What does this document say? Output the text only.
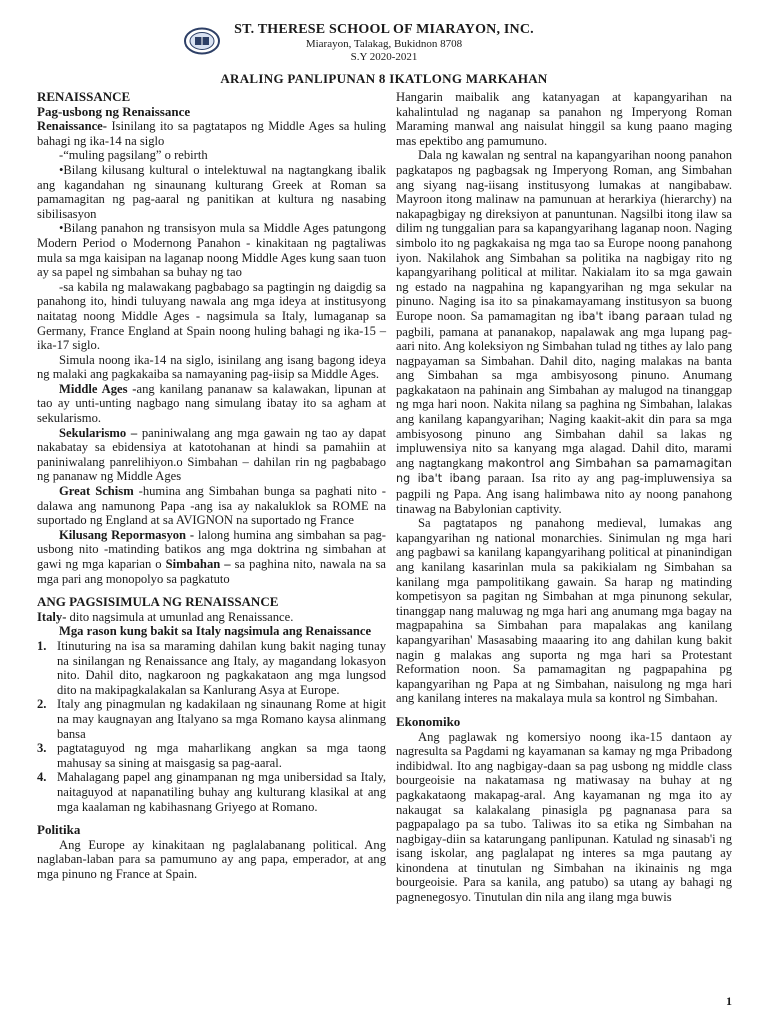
ST. THERESE SCHOOL OF MIARAYON, INC.
Miarayon, Talakag, Bukidnon 8708
S.Y 2020-2021
ARALING PANLIPUNAN 8 IKATLONG MARKAHAN

RENAISSANCE

Pag-usbong ng Renaissance

Renaissance- Isinilang ito sa pagtatapos ng Middle Ages sa huling bahagi ng ika-14 na siglo

-“muling pagsilang” o rebirth

•Bilang kilusang kultural o intelektuwal na nagtangkang ibalik ang kagandahan ng sinaunang kulturang Greek at Roman sa pamamagitan ng pag-aaral ng panitikan at kultura ng nasabing sibilisasyon

•Bilang panahon ng transisyon mula sa Middle Ages patungong Modern Period o Modernong Panahon - kinakitaan ng pagtaliwas mula sa mga kaisipan na laganap noong Middle Ages kung saan tuon ay sa papel ng simbahan sa buhay ng tao

-sa kabila ng malawakang pagbabago sa pagtingin ng daigdig sa panahong ito, hindi tuluyang nawala ang mga ideya at institusyong naitatag noong Middle Ages - nagsimula sa Italy, lumaganap sa Germany, France England at Spain noong huling bahagi ng ika-15 – ika-17 siglo.

Simula noong ika-14 na siglo, isinilang ang isang bagong ideya ng malaki ang pagkakaiba sa namayaning pag-iisip sa Middle Ages.

Middle Ages -ang kanilang pananaw sa kalawakan, lipunan at tao ay unti-unting nagbago nang simulang ibatay ito sa agham at sekularismo.

Sekularismo – paniniwalang ang mga gawain ng tao ay dapat nakabatay sa ebidensiya at katotohanan at hindi sa pamahiin at paniniwalang panrelihiyon.o Simbahan – dahilan rin ng pagbabago ng pananaw ng Middle Ages

Great Schism -humina ang Simbahan bunga sa paghati nito -dalawa ang namunong Papa -ang isa ay nakaluklok sa ROME na suportado ng England at sa AVIGNON na suportado ng France

Kilusang Repormasyon - lalong humina ang simbahan sa pag-usbong nito -matinding batikos ang mga doktrina ng simbahan at gawi ng mga kaparian o Simbahan – sa paghina nito, nawala na sa mga pari ang monopolyo sa pagkatuto

ANG PAGSISIMULA NG RENAISSANCE

Italy- dito nagsimula at umunlad ang Renaissance.

Mga rason kung bakit sa Italy nagsimula ang Renaissance

1. Itinuturing na isa sa maraming dahilan kung bakit naging tunay na sinilangan ng Renaissance ang Italy, ay magandang lokasyon nito. Dahil dito, nagkaroon ng pagkakataon ang mga lungsod dito na makipagkalakalan sa Kanlurang Asya at Europe.
2. Italy ang pinagmulan ng kadakilaan ng sinaunang Rome at higit na may kaugnayan ang Italyano sa mga Romano kaysa alinmang bansa
3. pagtataguyod ng mga maharlikang angkan sa mga taong mahusay sa sining at maisgasig sa pag-aaral.
4. Mahalagang papel ang ginampanan ng mga unibersidad sa Italy, naitaguyod at napanatiling buhay ang kulturang klasikal at ang mga kaalaman ng kabihasnang Griyego at Romano.

Politika

Ang Europe ay kinakitaan ng paglalabanang political. Ang naglaban-laban para sa pamumuno ay ang papa, emperador, at ang mga pinuno ng France at Spain.

Hangarin maibalik ang katanyagan at kapangyarihan na kahalintulad ng naganap sa panahon ng Imperyong Roman Maraming manwal ang naisulat hinggil sa kung paano maging mas epektibo ang pamumuno.

Dala ng kawalan ng sentral na kapangyarihan noong panahon pagkatapos ng pagbagsak ng Imperyong Roman, ang Simbahan ang siyang nag-iisang institusyong lumakas at nangibabaw. Mayroon itong malinaw na pamunuan at herarkiya (hierarchy) na nakapagbigay ng direksiyon at panuntunan. Nagsilbi itong ilaw sa dilim ng tunggalian para sa kapangyarihang laganap noon. Naging simbolo ito ng pagkakaisa ng mga tao sa Europe noong panahong iyon. Nakilahok ang Simbahan sa politika na nagbigay rito ng kapangyarihang political at militar. Nakialam ito sa mga gawain ng estado na nagpahina ng kapangyarihan ng mga sekular na pinuno. Naging isa ito sa pinakamayamang institusyon sa buong Europe noon. Sa pamamagitan ng iba't ibang paraan tulad ng pagbili, pamana at pananakop, napalawak ang mga lupang pag-aari nito. Ang koleksiyon ng Simbahan tulad ng tithes ay lalo pang nagpayaman sa Simbahan. Dahil dito, naging malakas na banta ang Simbahan sa mga ambisyosong pinuno. Anumang pagkakataon na pahinain ang Simbahan ay malugod na tinanggap ng mga hari noon. Nakita nilang sa paghina ng Simbahan, lalakas ang kanilang kapangyarihan; Naging kaakit-akit din para sa mga ambisyosong pinuno ang Simbahan dahil sa lakas ng impluwensiya nito sa kanyang mga alagad. Dahil dito, marami ang nagtangkang makontrol ang Simbahan sa pamamagitan ng iba't ibang paraan. Isa rito ay ang pag-impluwensiya sa pagpili ng Papa. Ang isang halimbawa nito ay noong panahong tinawag na Babylonian captivity.

Sa pagtatapos ng panahong medieval, lumakas ang kapangyarihan ng national monarchies. Sinimulan ng mga hari ang pagbawi sa kanilang kapangyarihang political at pinanindigan ang kanilang kasarinlan mula sa pakikialam ng Simbahan sa kanilang mga pampolitikang gawain. Sa harap ng matinding kompetisyon sa pagitan ng Simbahan at mga pinunong sekular, tinanggap nang maluwag ng mga hari ang anumang mga bagay na magpapahina sa Simbahan para mapalakas ang kanilang kapangyarihan' Masasabing maaaring ito ang dahilan kung bakit nagin g malakas ang suporta ng mga hari sa Protestant Reformation noon. Sa pamamagitan ng pagpapahina pg kapangyarihan ng Papa at ng Simbahan, naisulong ng mga hari ang kanilang interes na makalaya mula sa kontrol ng Simbahan.

Ekonomiko

Ang paglawak ng komersiyo noong ika-15 dantaon ay nagresulta sa Pagdami ng kayamanan sa kamay ng mga Pribadong indibidwal. Ito ang nagbigay-daan sa pag usbong ng middle class bourgeoisie na nakatamasa ng matiwasay na buhay at ng pagkakataong makapag-aral. Ang kayamanan ng mga ito ay nakaugat sa kalakalang pinasigla pg pagnanasa para sa pagpapalago pa sa tubo. Taliwas ito sa etika ng Simbahan na nagbigay-diin sa katarungang panlipunan. Katulad ng sinasab'i ng isang iskolar, ang paglalapat ng interes sa mga pautang ay kinondena at tinutulan ng Simbahan na ikinainis ng mga bourgeoisie. Para sa kanila, ang patubo) sa utang ay bahagi ng pagnenegosyo. Tinutulan din nila ang ilang mga buwis

1
